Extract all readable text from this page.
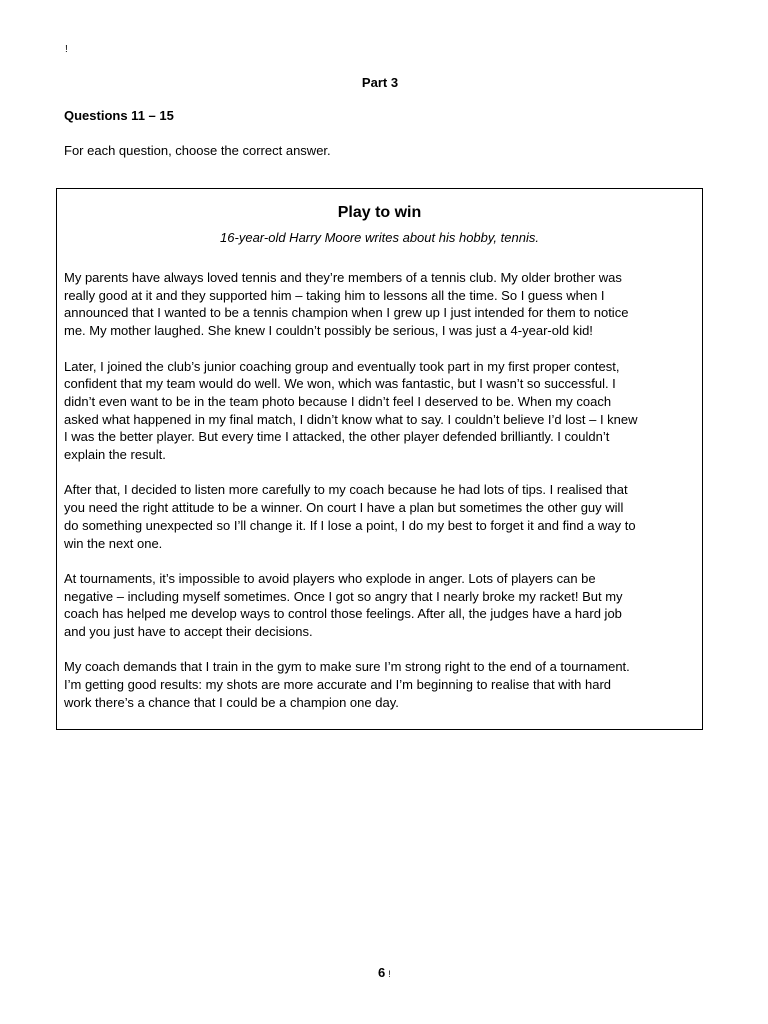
!
Part 3
Questions 11 – 15
For each question, choose the correct answer.
Play to win
16-year-old Harry Moore writes about his hobby, tennis.

My parents have always loved tennis and they’re members of a tennis club. My older brother was
really good at it and they supported him – taking him to lessons all the time. So I guess when I
announced that I wanted to be a tennis champion when I grew up I just intended for them to notice
me. My mother laughed. She knew I couldn’t possibly be serious, I was just a 4-year-old kid!

Later, I joined the club’s junior coaching group and eventually took part in my first proper contest,
confident that my team would do well. We won, which was fantastic, but I wasn’t so successful. I
didn’t even want to be in the team photo because I didn’t feel I deserved to be. When my coach
asked what happened in my final match, I didn’t know what to say. I couldn’t believe I’d lost – I knew
I was the better player. But every time I attacked, the other player defended brilliantly. I couldn’t
explain the result.

After that, I decided to listen more carefully to my coach because he had lots of tips. I realised that
you need the right attitude to be a winner. On court I have a plan but sometimes the other guy will
do something unexpected so I’ll change it. If I lose a point, I do my best to forget it and find a way to
win the next one.

At tournaments, it’s impossible to avoid players who explode in anger. Lots of players can be
negative – including myself sometimes. Once I got so angry that I nearly broke my racket! But my
coach has helped me develop ways to control those feelings. After all, the judges have a hard job
and you just have to accept their decisions.

My coach demands that I train in the gym to make sure I’m strong right to the end of a tournament.
I’m getting good results: my shots are more accurate and I’m beginning to realise that with hard
work there’s a chance that I could be a champion one day.

6 !
